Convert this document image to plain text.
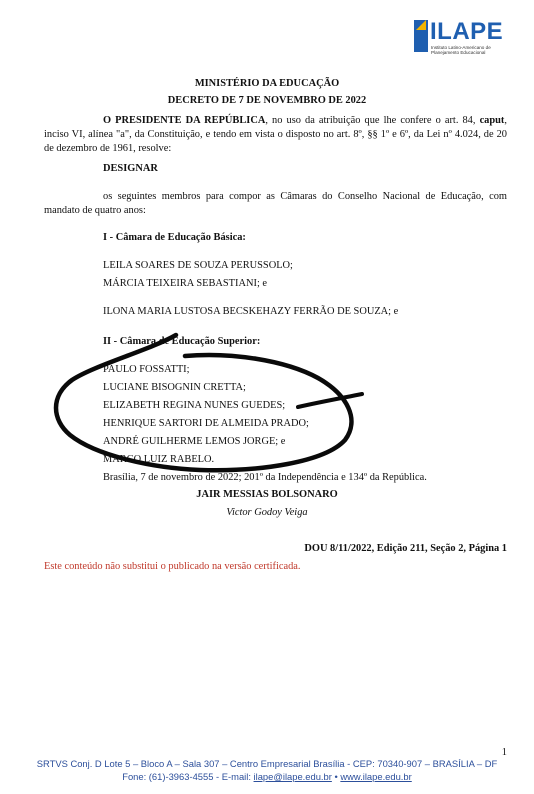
ILAPE
Instituto Latino-Americano de Planejamento Educacional
MINISTÉRIO DA EDUCAÇÃO
DECRETO DE 7 DE NOVEMBRO DE 2022
O PRESIDENTE DA REPÚBLICA, no uso da atribuição que lhe confere o art. 84, caput, inciso VI, alínea "a", da Constituição, e tendo em vista o disposto no art. 8º, §§ 1º e 6º, da Lei nº 4.024, de 20 de dezembro de 1961, resolve:
DESIGNAR
os seguintes membros para compor as Câmaras do Conselho Nacional de Educação, com mandato de quatro anos:
I - Câmara de Educação Básica:
LEILA SOARES DE SOUZA PERUSSOLO;
MÁRCIA TEIXEIRA SEBASTIANI; e
ILONA MARIA LUSTOSA BECSKEHAZY FERRÃO DE SOUZA; e
II - Câmara de Educação Superior:
PAULO FOSSATTI;
LUCIANE BISOGNIN CRETTA;
ELIZABETH REGINA NUNES GUEDES;
HENRIQUE SARTORI DE ALMEIDA PRADO;
ANDRÉ GUILHERME LEMOS JORGE; e
MARCO LUIZ RABELO.
Brasília, 7 de novembro de 2022; 201º da Independência e 134º da República.
JAIR MESSIAS BOLSONARO
Victor Godoy Veiga
DOU 8/11/2022, Edição 211, Seção 2, Página 1
Este conteúdo não substitui o publicado na versão certificada.
1
SRTVS Conj. D Lote 5 – Bloco A – Sala 307 – Centro Empresarial Brasília - CEP: 70340-907 – BRASÍLIA – DF
Fone: (61)-3963-4555 - E-mail: ilape@ilape.edu.br • www.ilape.edu.br
